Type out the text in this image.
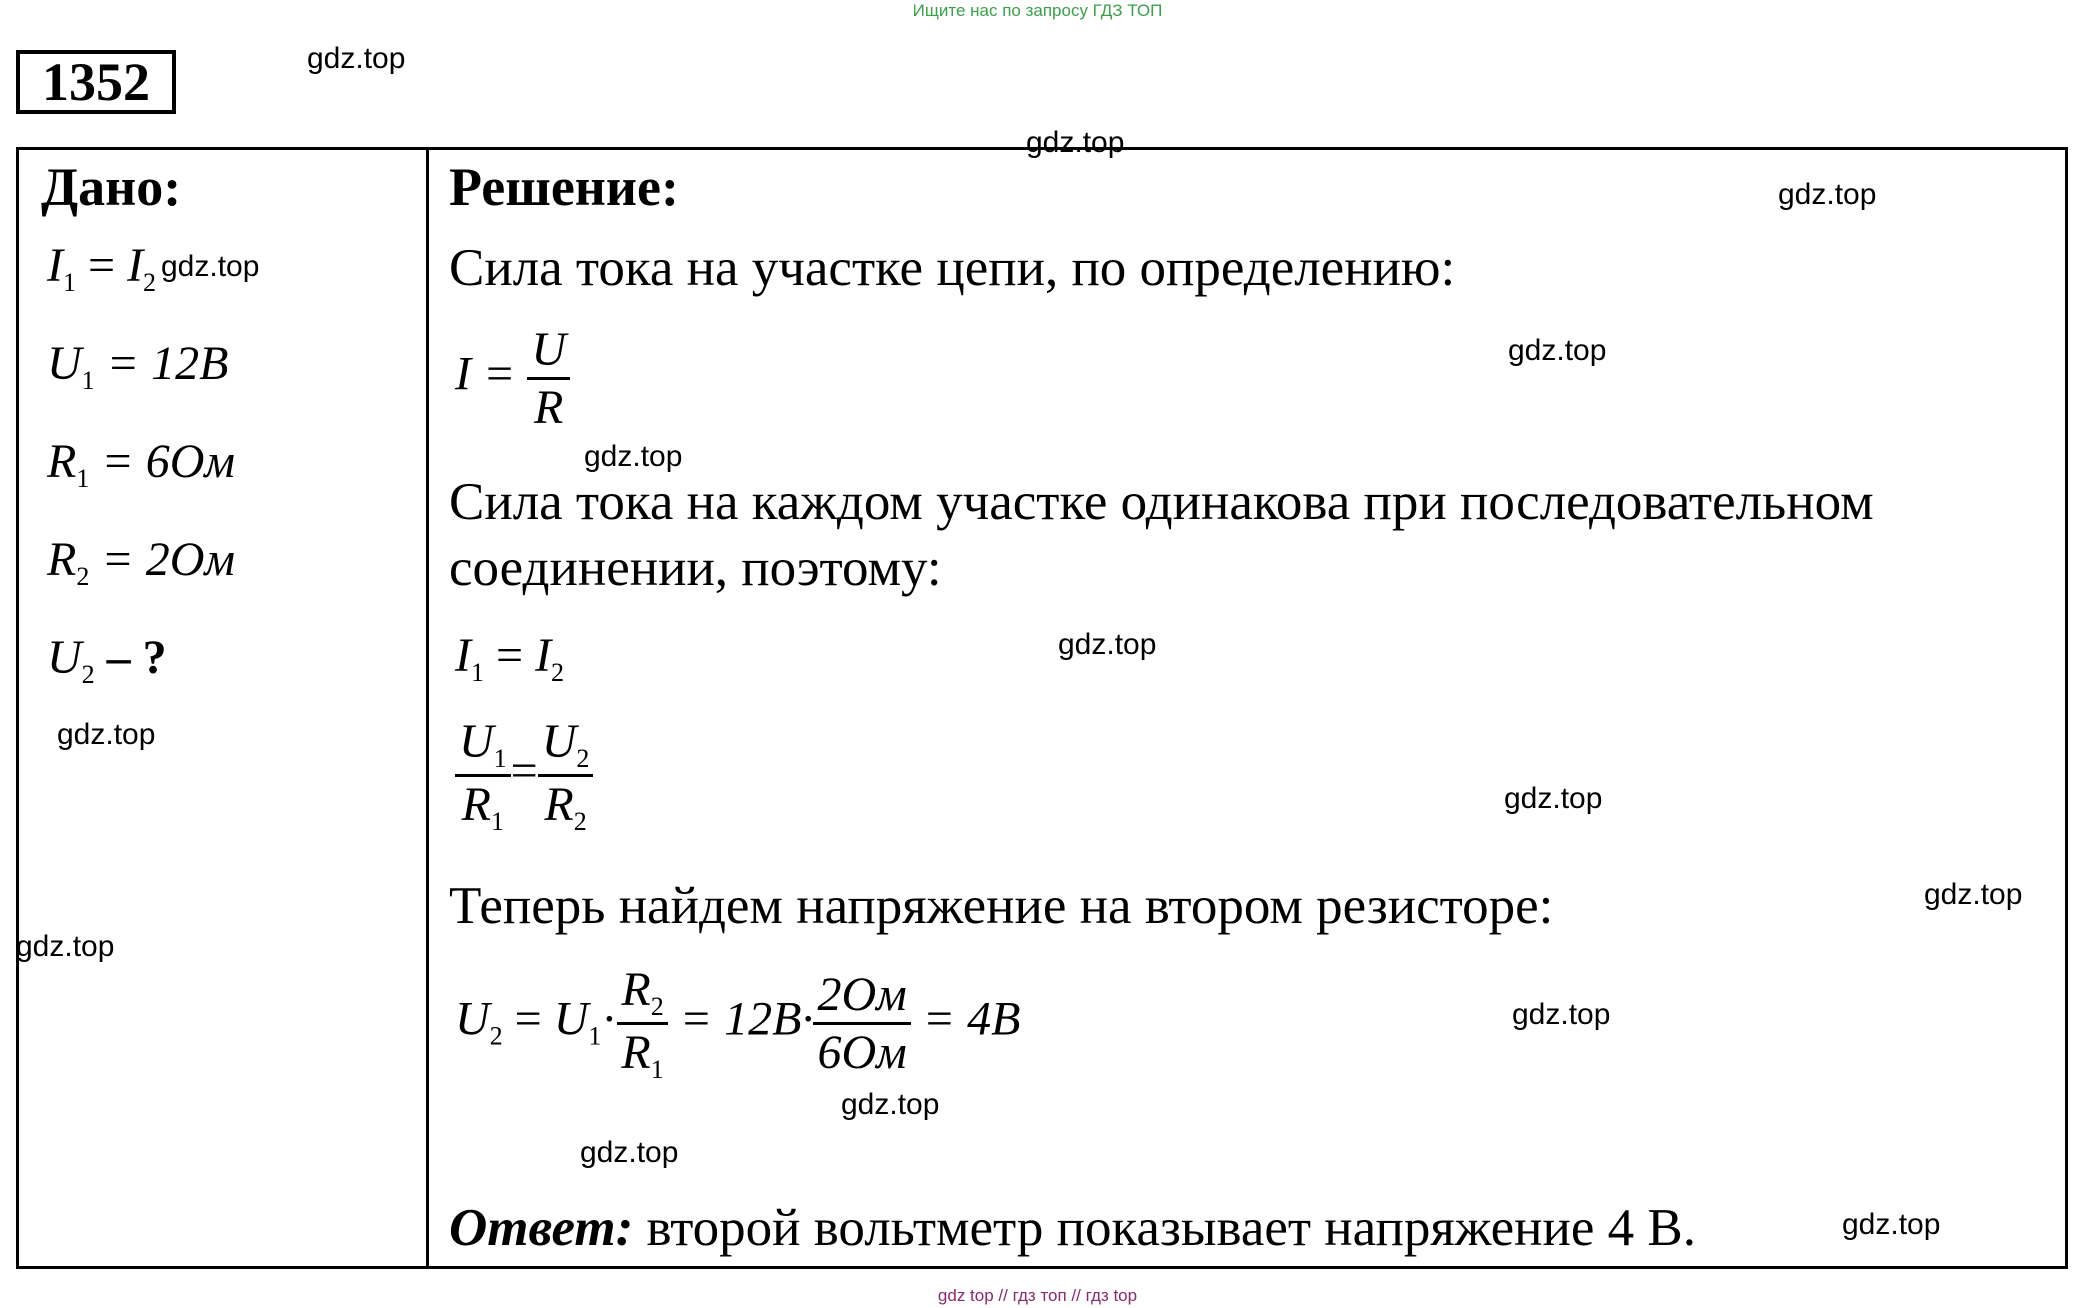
Ищите нас по запросу ГДЗ ТОП
1352
Дано:
$I_1 = I_2$
$U_1 = 12B$
$R_1 = 6Ом$
$R_2 = 2Ом$
$U_2$ – ?
Решение:
Сила тока на участке цепи, по определению:
$I = \frac{U}{R}$
Сила тока на каждом участке одинакова при последовательном
соединении, поэтому:
$I_1 = I_2$
$\frac{U_1}{R_1} = \frac{U_2}{R_2}$
Теперь найдем напряжение на втором резисторе:
$U_2 = U_1\cdot \frac{R_2}{R_1} = 12B\cdot \frac{2Ом}{6Ом} = 4B$
Ответ: второй вольтметр показывает напряжение 4 В.
gdz.top
gdz.top
gdz.top
gdz.top
gdz.top
gdz.top
gdz.top
gdz.top
gdz.top
gdz.top
gdz.top
gdz.top
gdz.top
gdz.top
gdz.top
gdz top // гдз топ // гдз top
